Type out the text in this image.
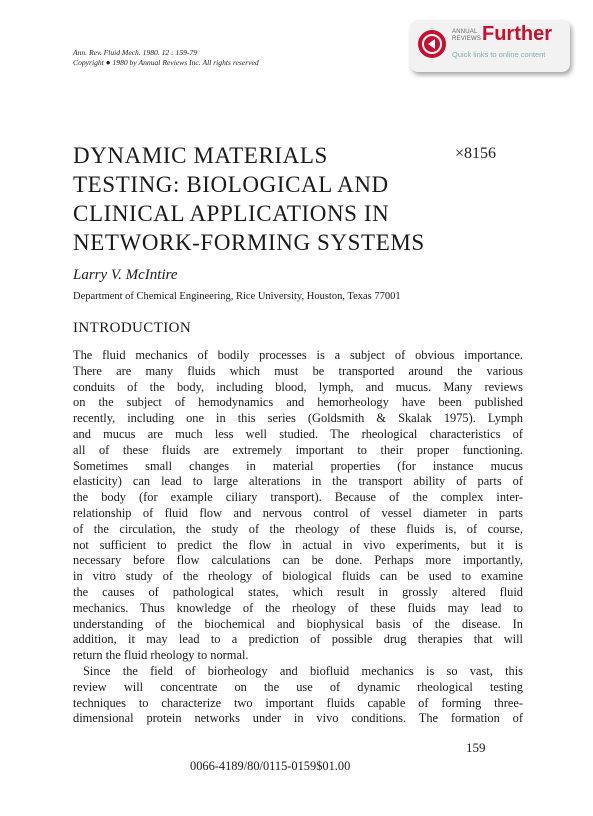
Ann. Rev. Fluid Mech. 1980. 12 : 159-79
Copyright ● 1980 by Annual Reviews Inc. All rights reserved
ANNUAL
REVIEWS Further
Quick links to online content
DYNAMIC MATERIALS
TESTING: BIOLOGICAL AND
CLINICAL APPLICATIONS IN
NETWORK-FORMING SYSTEMS
×8156
Larry V. McIntire
Department of Chemical Engineering, Rice University, Houston, Texas 77001
INTRODUCTION
The fluid mechanics of bodily processes is a subject of obvious importance.
There are many fluids which must be transported around the various
conduits of the body, including blood, lymph, and mucus. Many reviews
on the subject of hemodynamics and hemorheology have been published
recently, including one in this series (Goldsmith & Skalak 1975). Lymph
and mucus are much less well studied. The rheological characteristics of
all of these fluids are extremely important to their proper functioning.
Sometimes small changes in material properties (for instance mucus
elasticity) can lead to large alterations in the transport ability of parts of
the body (for example ciliary transport). Because of the complex inter-
relationship of fluid flow and nervous control of vessel diameter in parts
of the circulation, the study of the rheology of these fluids is, of course,
not sufficient to predict the flow in actual in vivo experiments, but it is
necessary before flow calculations can be done. Perhaps more importantly,
in vitro study of the rheology of biological fluids can be used to examine
the causes of pathological states, which result in grossly altered fluid
mechanics. Thus knowledge of the rheology of these fluids may lead to
understanding of the biochemical and biophysical basis of the disease. In
addition, it may lead to a prediction of possible drug therapies that will
return the fluid rheology to normal.
Since the field of biorheology and biofluid mechanics is so vast, this
review will concentrate on the use of dynamic rheological testing
techniques to characterize two important fluids capable of forming three-
dimensional protein networks under in vivo conditions. The formation of
159
0066-4189/80/0115-0159$01.00
